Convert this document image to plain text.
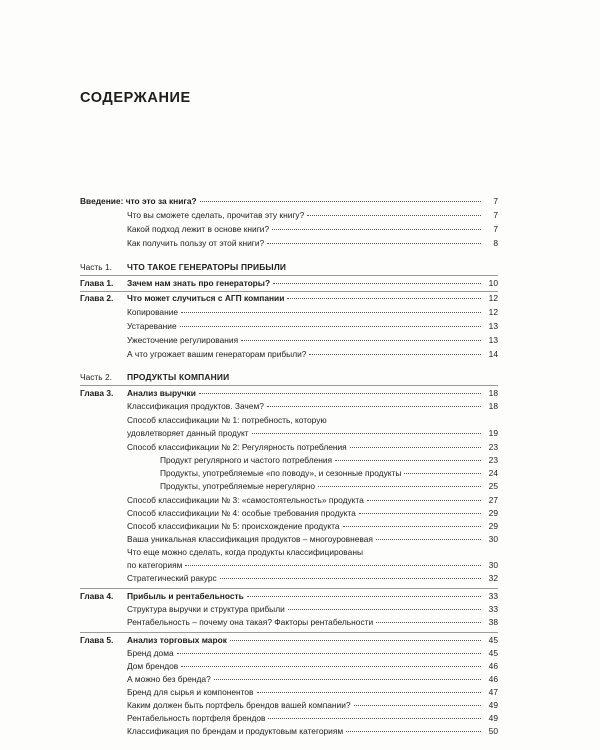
СОДЕРЖАНИЕ
Введение: что это за книга?	7
Что вы сможете сделать, прочитав эту книгу?	7
Какой подход лежит в основе книги?	7
Как получить пользу от этой книги?	8
Часть 1.	ЧТО ТАКОЕ ГЕНЕРАТОРЫ ПРИБЫЛИ
Глава 1.	Зачем нам знать про генераторы?	10
Глава 2.	Что может случиться с АГП компании	12
Копирование	12
Устаревание	13
Ужесточение регулирования	13
А что угрожает вашим генераторам прибыли?	14
Часть 2.	ПРОДУКТЫ КОМПАНИИ
Глава 3.	Анализ выручки	18
Классификация продуктов. Зачем?	18
Способ классификации № 1: потребность, которую
удовлетворяет данный продукт	19
Способ классификации № 2: Регулярность потребления	23
Продукт регулярного и частого потребления	23
Продукты, употребляемые «по поводу», и сезонные продукты	24
Продукты, употребляемые нерегулярно	25
Способ классификации № 3: «самостоятельность» продукта	27
Способ классификации № 4: особые требования продукта	29
Способ классификации № 5: происхождение продукта	29
Ваша уникальная классификация продуктов – многоуровневая	30
Что еще можно сделать, когда продукты классифицированы
по категориям	30
Стратегический ракурс	32
Глава 4.	Прибыль и рентабельность	33
Структура выручки и структура прибыли	33
Рентабельность – почему она такая? Факторы рентабельности	38
Глава 5.	Анализ торговых марок	45
Бренд дома	45
Дом брендов	46
А можно без бренда?	46
Бренд для сырья и компонентов	47
Каким должен быть портфель брендов вашей компании?	49
Рентабельность портфеля брендов	49
Классификация по брендам и продуктовым категориям	50
